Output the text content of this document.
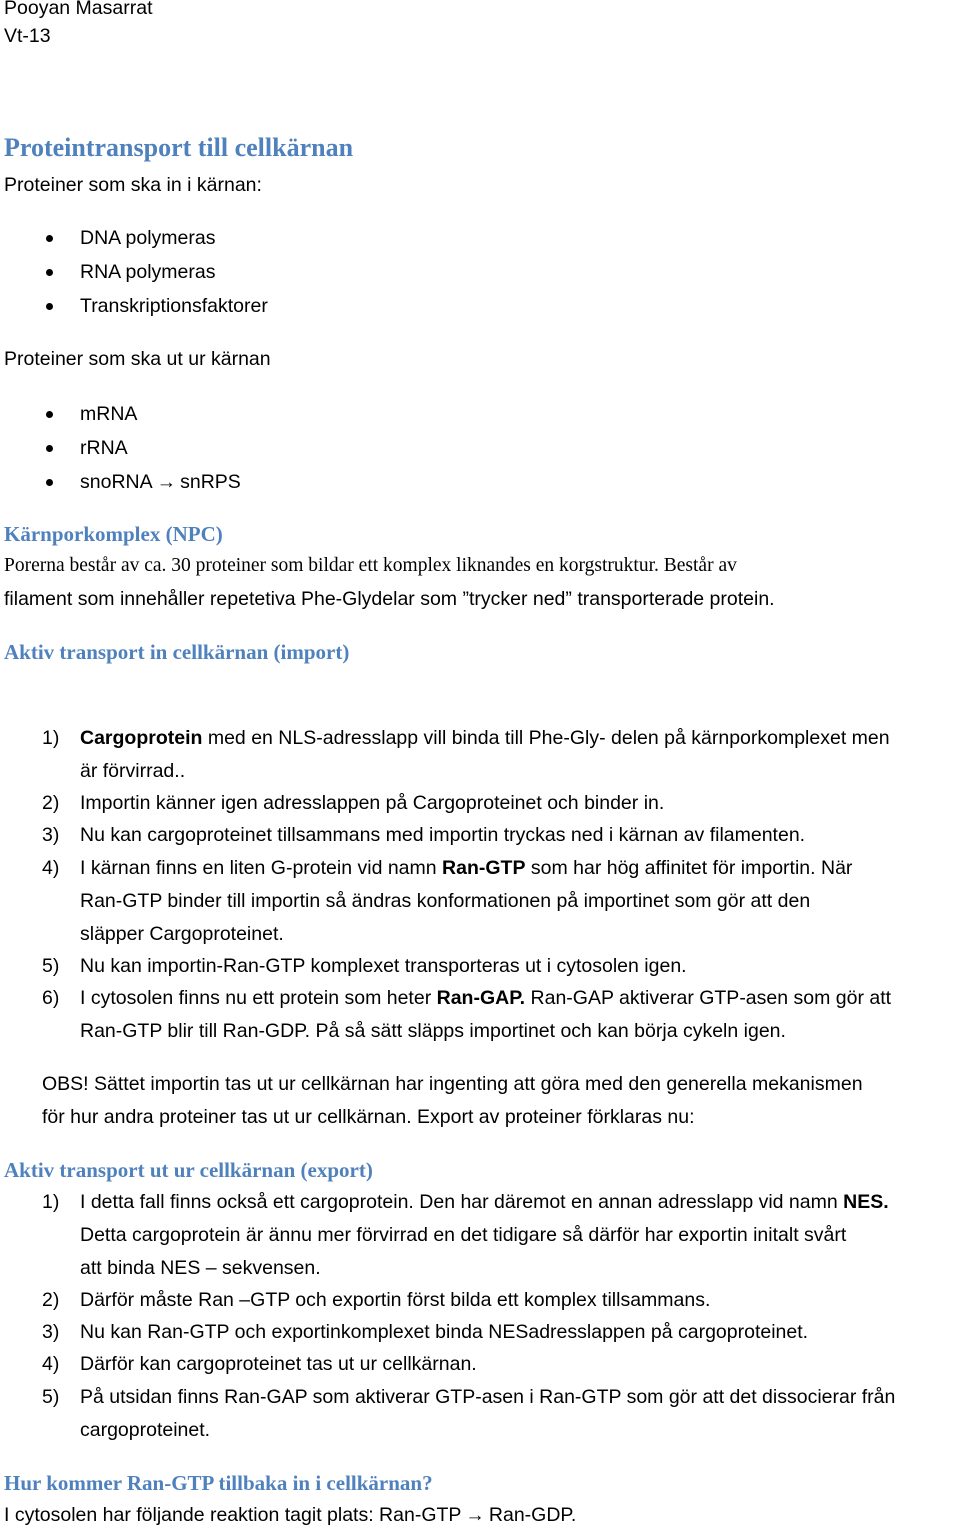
Pooyan Masarrat
Vt-13
Proteintransport till cellkärnan
Proteiner som ska in i kärnan:
DNA polymeras
RNA polymeras
Transkriptionsfaktorer
Proteiner som ska ut ur kärnan
mRNA
rRNA
snoRNA → snRPS
Kärnporkomplex (NPC)
Porerna består av ca. 30 proteiner som bildar ett komplex liknandes en korgstruktur. Består av
filament som innehåller repetetiva Phe-Glydelar som ”trycker ned” transporterade protein.
Aktiv transport in cellkärnan (import)
1) Cargoprotein med en NLS-adresslapp vill binda till Phe-Gly- delen på kärnporkomplexet men
är förvirrad..
2) Importin känner igen adresslappen på Cargoproteinet och binder in.
3) Nu kan cargoproteinet tillsammans med importin tryckas ned i kärnan av filamenten.
4) I kärnan finns en liten G-protein vid namn Ran-GTP som har hög affinitet för importin. När
Ran-GTP binder till importin så ändras konformationen på importinet som gör att den
släpper Cargoproteinet.
5) Nu kan importin-Ran-GTP komplexet transporteras ut i cytosolen igen.
6) I cytosolen finns nu ett protein som heter Ran-GAP. Ran-GAP aktiverar GTP-asen som gör att
Ran-GTP blir till Ran-GDP. På så sätt släpps importinet och kan börja cykeln igen.
OBS! Sättet importin tas ut ur cellkärnan har ingenting att göra med den generella mekanismen
för hur andra proteiner tas ut ur cellkärnan. Export av proteiner förklaras nu:
Aktiv transport ut ur cellkärnan (export)
1) I detta fall finns också ett cargoprotein. Den har däremot en annan adresslapp vid namn NES.
Detta cargoprotein är ännu mer förvirrad en det tidigare så därför har exportin initalt svårt
att binda NES – sekvensen.
2) Därför måste Ran –GTP och exportin först bilda ett komplex tillsammans.
3) Nu kan Ran-GTP och exportinkomplexet binda NESadresslappen på cargoproteinet.
4) Därför kan cargoproteinet tas ut ur cellkärnan.
5) På utsidan finns Ran-GAP som aktiverar GTP-asen i Ran-GTP som gör att det dissocierar från
cargoproteinet.
Hur kommer Ran-GTP tillbaka in i cellkärnan?
I cytosolen har följande reaktion tagit plats: Ran-GTP → Ran-GDP.
